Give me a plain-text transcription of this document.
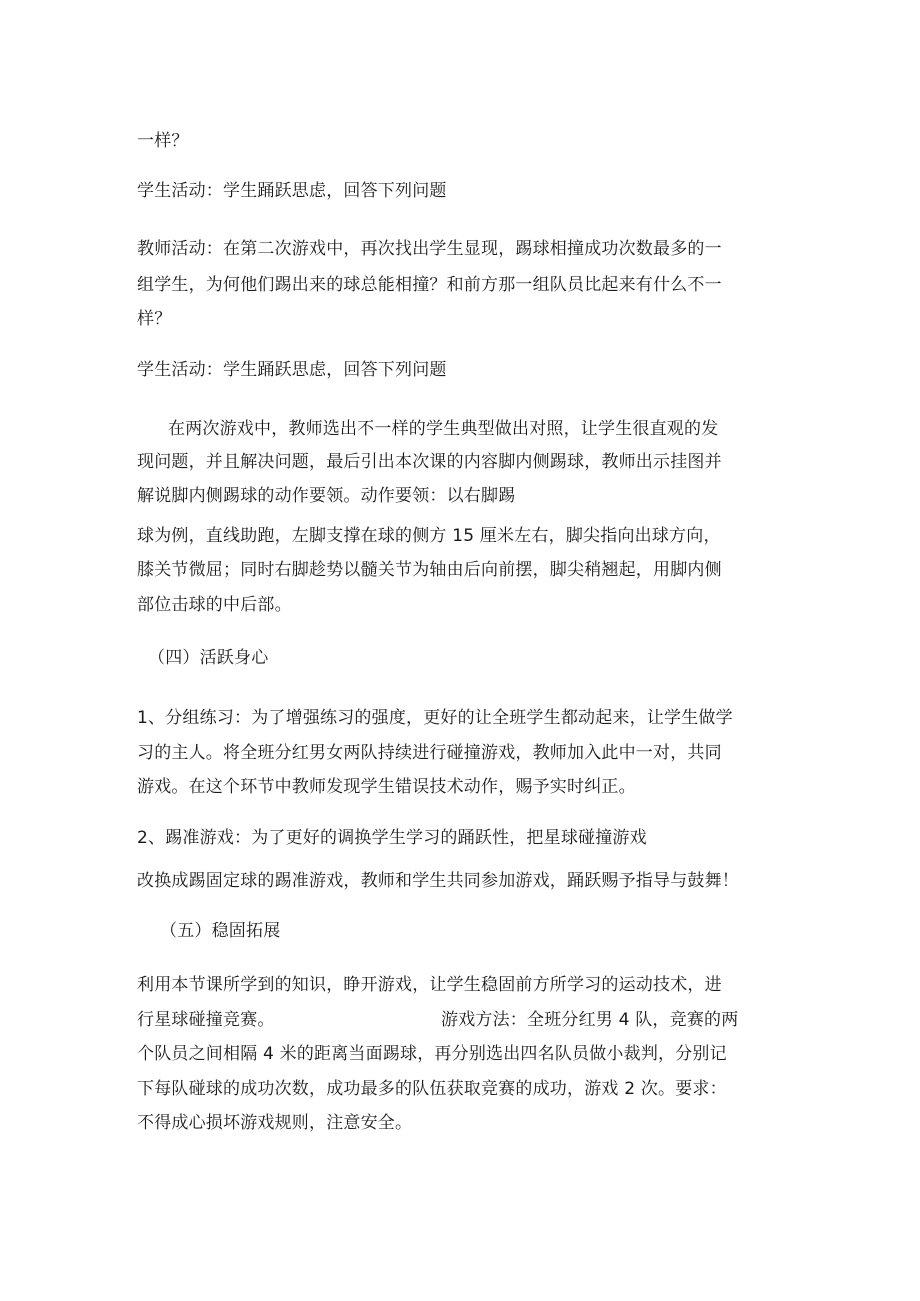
一样？
学生活动：学生踊跃思虑，回答下列问题
教师活动：在第二次游戏中，再次找出学生显现，踢球相撞成功次数最多的一
组学生，为何他们踢出来的球总能相撞？和前方那一组队员比起来有什么不一
样？
学生活动：学生踊跃思虑，回答下列问题
在两次游戏中，教师选出不一样的学生典型做出对照，让学生很直观的发
现问题，并且解决问题，最后引出本次课的内容脚内侧踢球，教师出示挂图并
解说脚内侧踢球的动作要领。动作要领：以右脚踢
球为例，直线助跑，左脚支撑在球的侧方 15 厘米左右，脚尖指向出球方向，
膝关节微屈；同时右脚趁势以髓关节为轴由后向前摆，脚尖稍翘起，用脚内侧
部位击球的中后部。
（四）活跃身心
1、分组练习：为了增强练习的强度，更好的让全班学生都动起来，让学生做学
习的主人。将全班分红男女两队持续进行碰撞游戏，教师加入此中一对，共同
游戏。在这个环节中教师发现学生错误技术动作，赐予实时纠正。
2、踢准游戏：为了更好的调换学生学习的踊跃性，把星球碰撞游戏
改换成踢固定球的踢准游戏，教师和学生共同参加游戏，踊跃赐予指导与鼓舞！
（五）稳固拓展
利用本节课所学到的知识，睁开游戏，让学生稳固前方所学习的运动技术，进
行星球碰撞竞赛。	游戏方法：全班分红男 4 队，竞赛的两
个队员之间相隔 4 米的距离当面踢球，再分别选出四名队员做小裁判，分别记
下每队碰球的成功次数，成功最多的队伍获取竞赛的成功，游戏 2 次。要求：
不得成心损坏游戏规则，注意安全。
